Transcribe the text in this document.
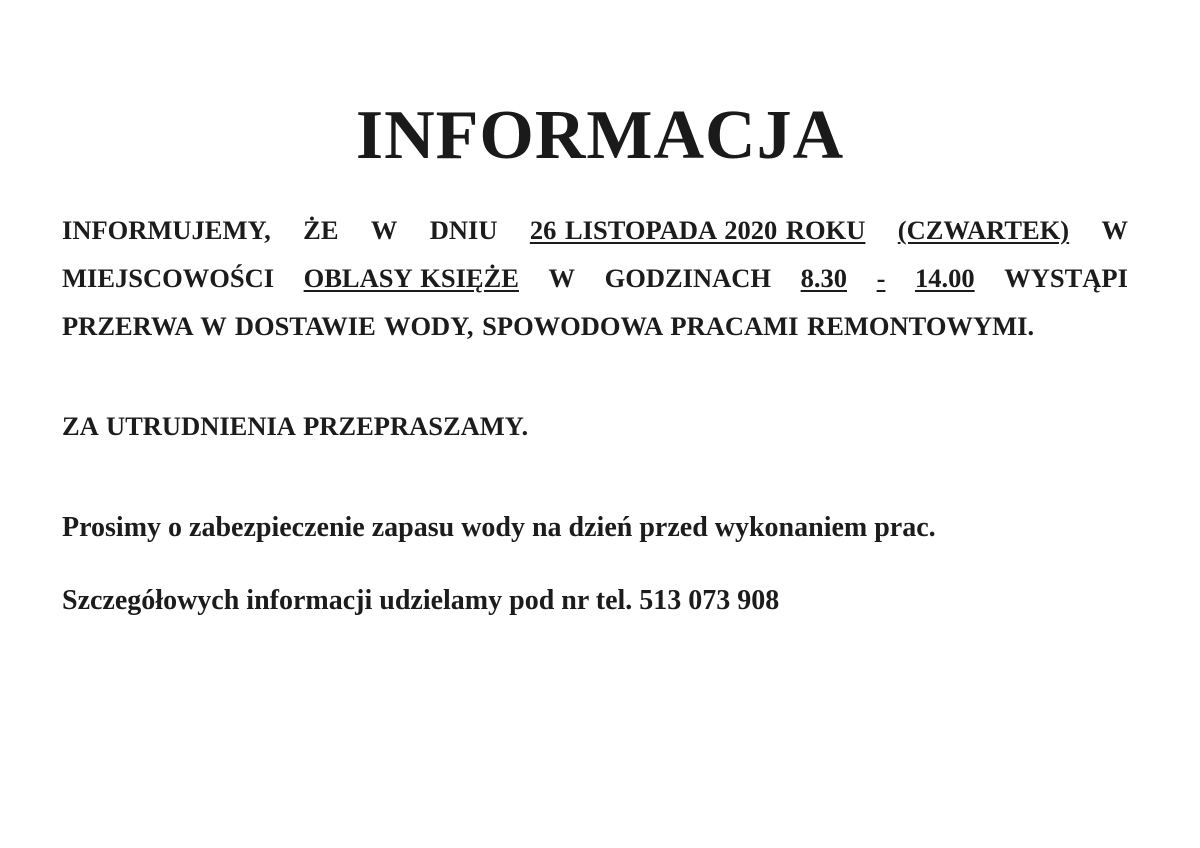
INFORMACJA
INFORMUJEMY, ŻE W DNIU 26 LISTOPADA 2020 ROKU (CZWARTEK) W
MIEJSCOWOŚCI OBLASY KSIĘŻE W GODZINACH 8.30 - 14.00 WYSTĄPI
PRZERWA W DOSTAWIE WODY, SPOWODOWA PRACAMI REMONTOWYMI.
ZA UTRUDNIENIA PRZEPRASZAMY.
Prosimy o zabezpieczenie zapasu wody na dzień przed wykonaniem prac.
Szczegółowych informacji udzielamy pod nr tel. 513 073 908
